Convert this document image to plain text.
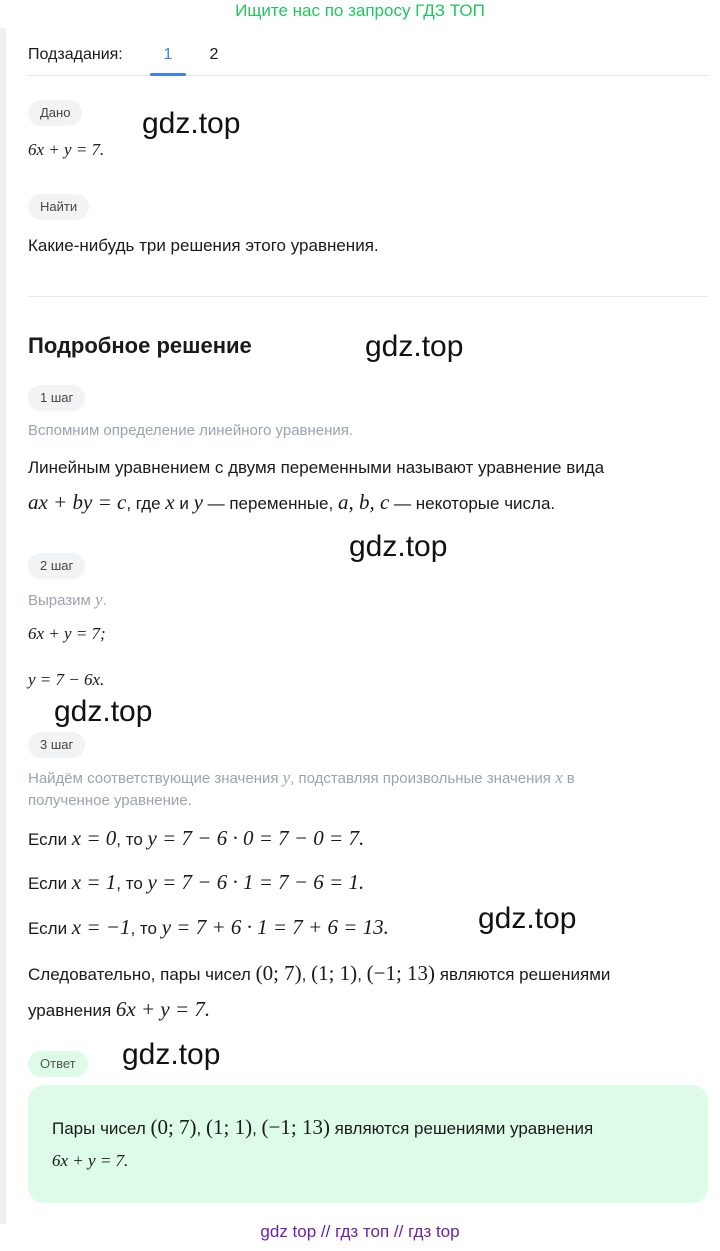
Ищите нас по запросу ГДЗ ТОП
Подзадания:	1	2
Дано
6x + y = 7.
Найти
Какие-нибудь три решения этого уравнения.
Подробное решение
1 шаг
Вспомним определение линейного уравнения.
Линейным уравнением с двумя переменными называют уравнение вида
ax + by = c, где x и y — переменные, a, b, c — некоторые числа.
2 шаг
Выразим y.
6x + y = 7;
y = 7 − 6x.
3 шаг
Найдём соответствующие значения y, подставляя произвольные значения x в
полученное уравнение.
Если x = 0, то y = 7 − 6 · 0 = 7 − 0 = 7.
Если x = 1, то y = 7 − 6 · 1 = 7 − 6 = 1.
Если x = −1, то y = 7 + 6 · 1 = 7 + 6 = 13.
Следовательно, пары чисел (0; 7), (1; 1), (−1; 13) являются решениями
уравнения 6x + y = 7.
Ответ
Пары чисел (0; 7), (1; 1), (−1; 13) являются решениями уравнения
6x + y = 7.
gdz.top
gdz.top
gdz.top
gdz.top
gdz.top
gdz.top
gdz top // гдз топ // гдз top
